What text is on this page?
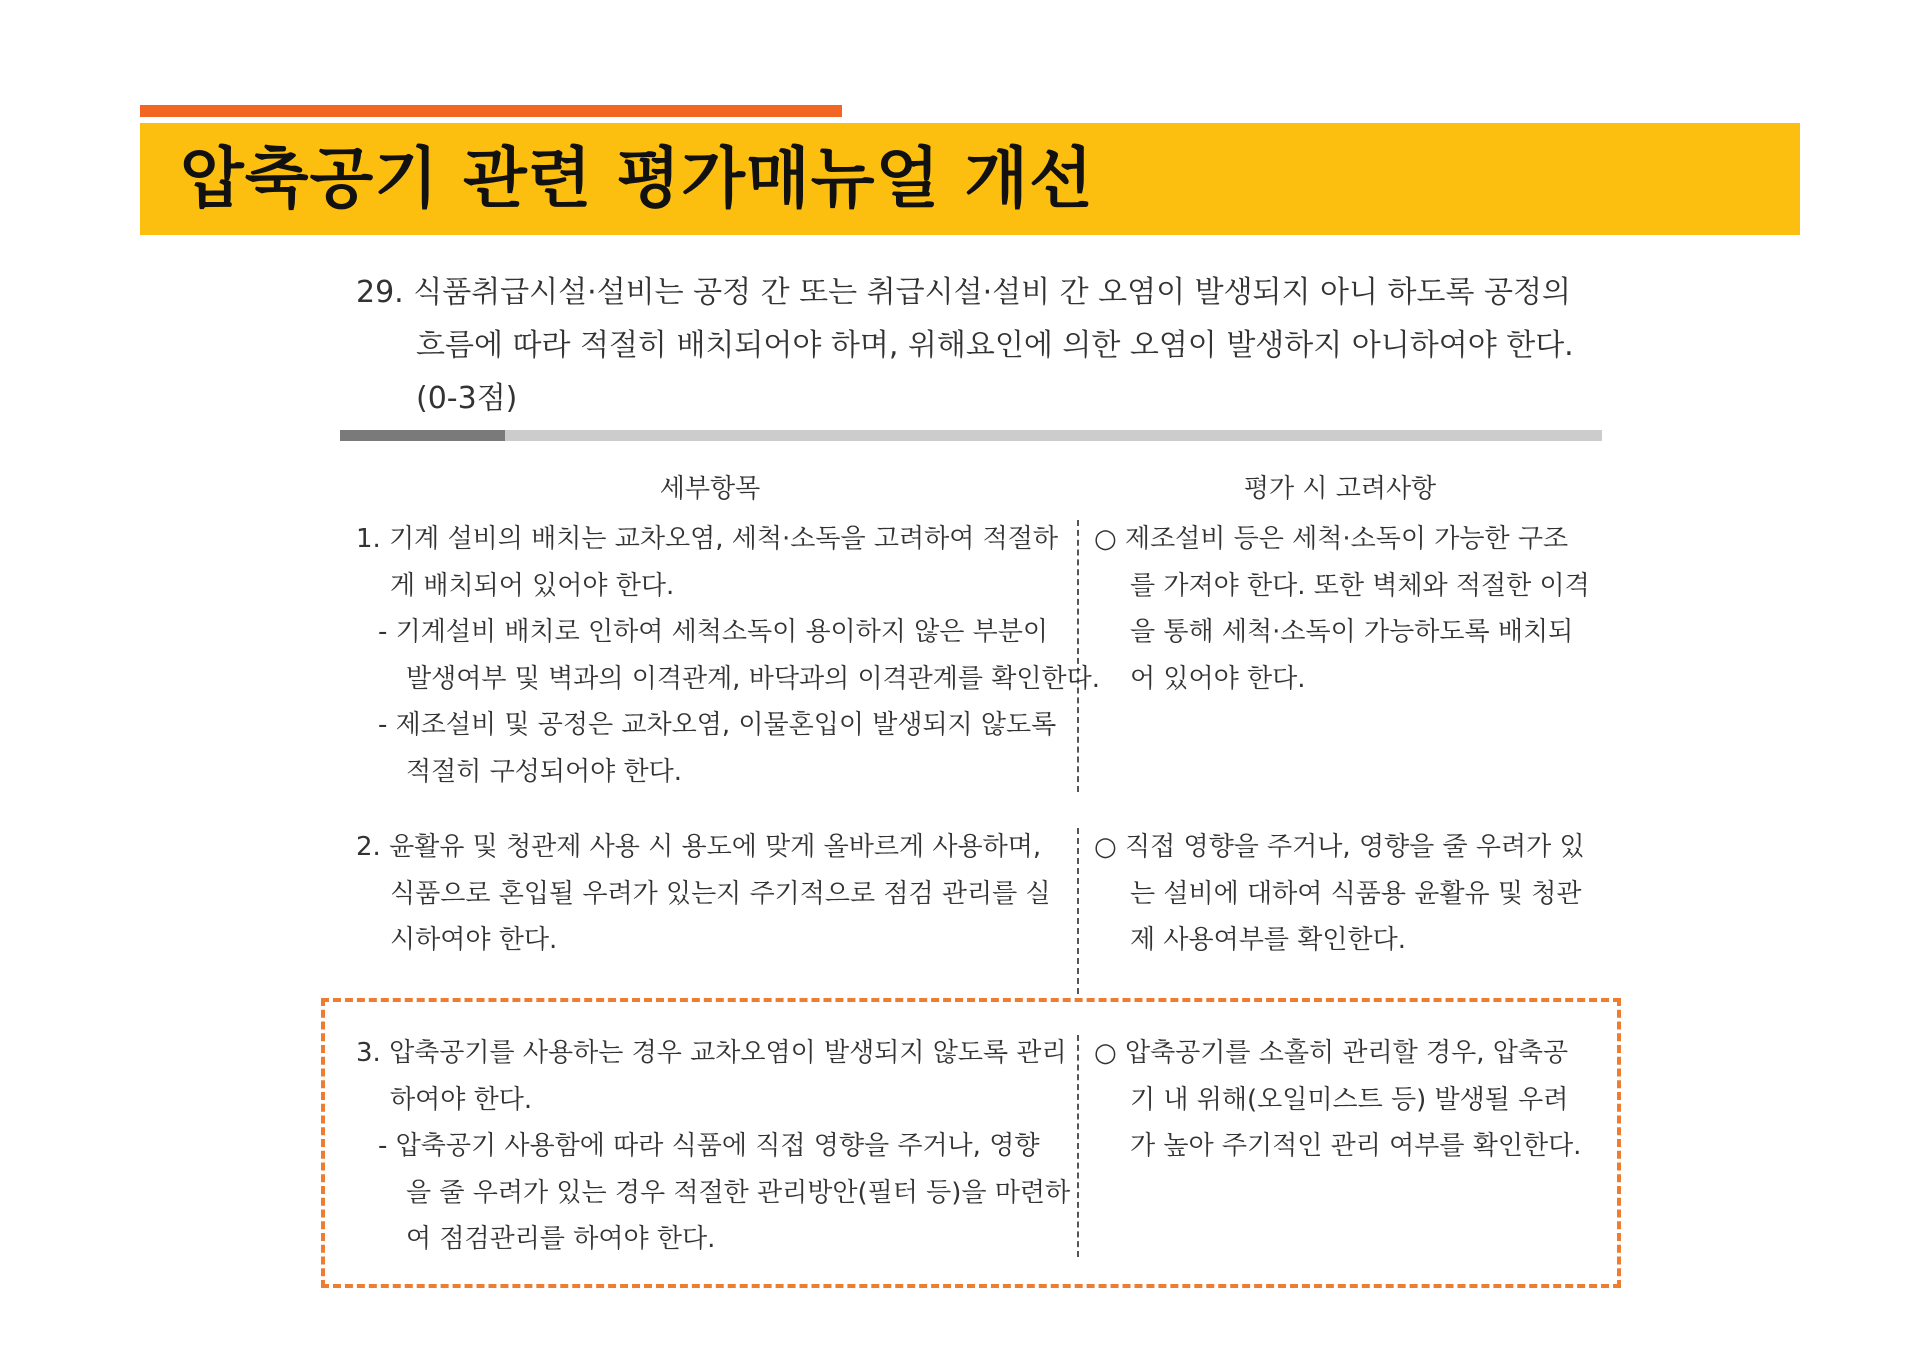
압축공기 관련 평가매뉴얼 개선
29. 식품취급시설·설비는 공정 간 또는 취급시설·설비 간 오염이 발생되지 아니 하도록 공정의
흐름에 따라 적절히 배치되어야 하며, 위해요인에 의한 오염이 발생하지 아니하여야 한다.
(0-3점)
세부항목	평가 시 고려사항
1. 기계 설비의 배치는 교차오염, 세척·소독을 고려하여 적절하
게 배치되어 있어야 한다.
- 기계설비 배치로 인하여 세척소독이 용이하지 않은 부분이
발생여부 및 벽과의 이격관계, 바닥과의 이격관계를 확인한다.
- 제조설비 및 공정은 교차오염, 이물혼입이 발생되지 않도록
적절히 구성되어야 한다.
○ 제조설비 등은 세척·소독이 가능한 구조
를 가져야 한다. 또한 벽체와 적절한 이격
을 통해 세척·소독이 가능하도록 배치되
어 있어야 한다.
2. 윤활유 및 청관제 사용 시 용도에 맞게 올바르게 사용하며,
식품으로 혼입될 우려가 있는지 주기적으로 점검 관리를 실
시하여야 한다.
○ 직접 영향을 주거나, 영향을 줄 우려가 있
는 설비에 대하여 식품용 윤활유 및 청관
제 사용여부를 확인한다.
3. 압축공기를 사용하는 경우 교차오염이 발생되지 않도록 관리
하여야 한다.
- 압축공기 사용함에 따라 식품에 직접 영향을 주거나, 영향
을 줄 우려가 있는 경우 적절한 관리방안(필터 등)을 마련하
여 점검관리를 하여야 한다.
○ 압축공기를 소홀히 관리할 경우, 압축공
기 내 위해(오일미스트 등) 발생될 우려
가 높아 주기적인 관리 여부를 확인한다.
